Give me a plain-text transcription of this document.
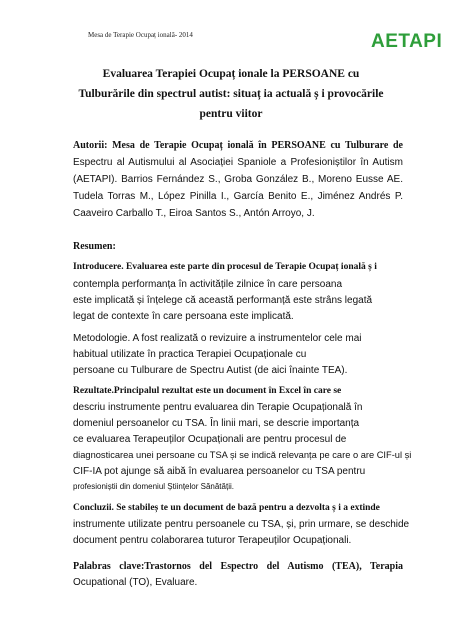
Mesa de Terapie Ocupaț ională- 2014	AETAPI
Evaluarea Terapiei Ocupaț ionale la PERSOANE cu
Tulburările din spectrul autist: situaț ia actuală ș i provocările
pentru viitor
Autorii: Mesa de Terapie Ocupaț ională în PERSOANE cu Tulburare de
Espectru al Autismului al Asociației Spaniole a Profesioniștilor în Autism
(AETAPI). Barrios Fernández S., Groba González B., Moreno Eusse AE.
Tudela Torras M., López Pinilla I., García Benito E., Jiménez Andrés P.
Caaveiro Carballo T., Eiroa Santos S., Antón Arroyo, J.
Resumen:
Introducere. Evaluarea este parte din procesul de Terapie Ocupaț ională ș i
contempla performanța în activitățile zilnice în care persoana
este implicată și înțelege că această performanță este strâns legată
legat de contexte în care persoana este implicată.
Metodologie. A fost realizată o revizuire a instrumentelor cele mai
habitual utilizate în practica Terapiei Ocupaționale cu
persoane cu Tulburare de Spectru Autist (de aici înainte TEA).
Rezultate.Principalul rezultat este un document în Excel în care se
descriu instrumente pentru evaluarea din Terapie Ocupațională în
domeniul persoanelor cu TSA. În linii mari, se descrie importanța
ce evaluarea Terapeuților Ocupaționali are pentru procesul de
diagnosticarea unei persoane cu TSA și se indică relevanța pe care o are CIF-ul și
CIF-IA pot ajunge să aibă în evaluarea persoanelor cu TSA pentru
profesioniștii din domeniul Științelor Sănătății.
Concluzii. Se stabileș te un document de bază pentru a dezvolta ș i a extinde
instrumente utilizate pentru persoanele cu TSA, și, prin urmare, se deschide
document pentru colaborarea tuturor Terapeuților Ocupaționali.
Palabras clave:Trastornos del Espectro del Autismo (TEA), Terapia
Ocupational (TO), Evaluare.
